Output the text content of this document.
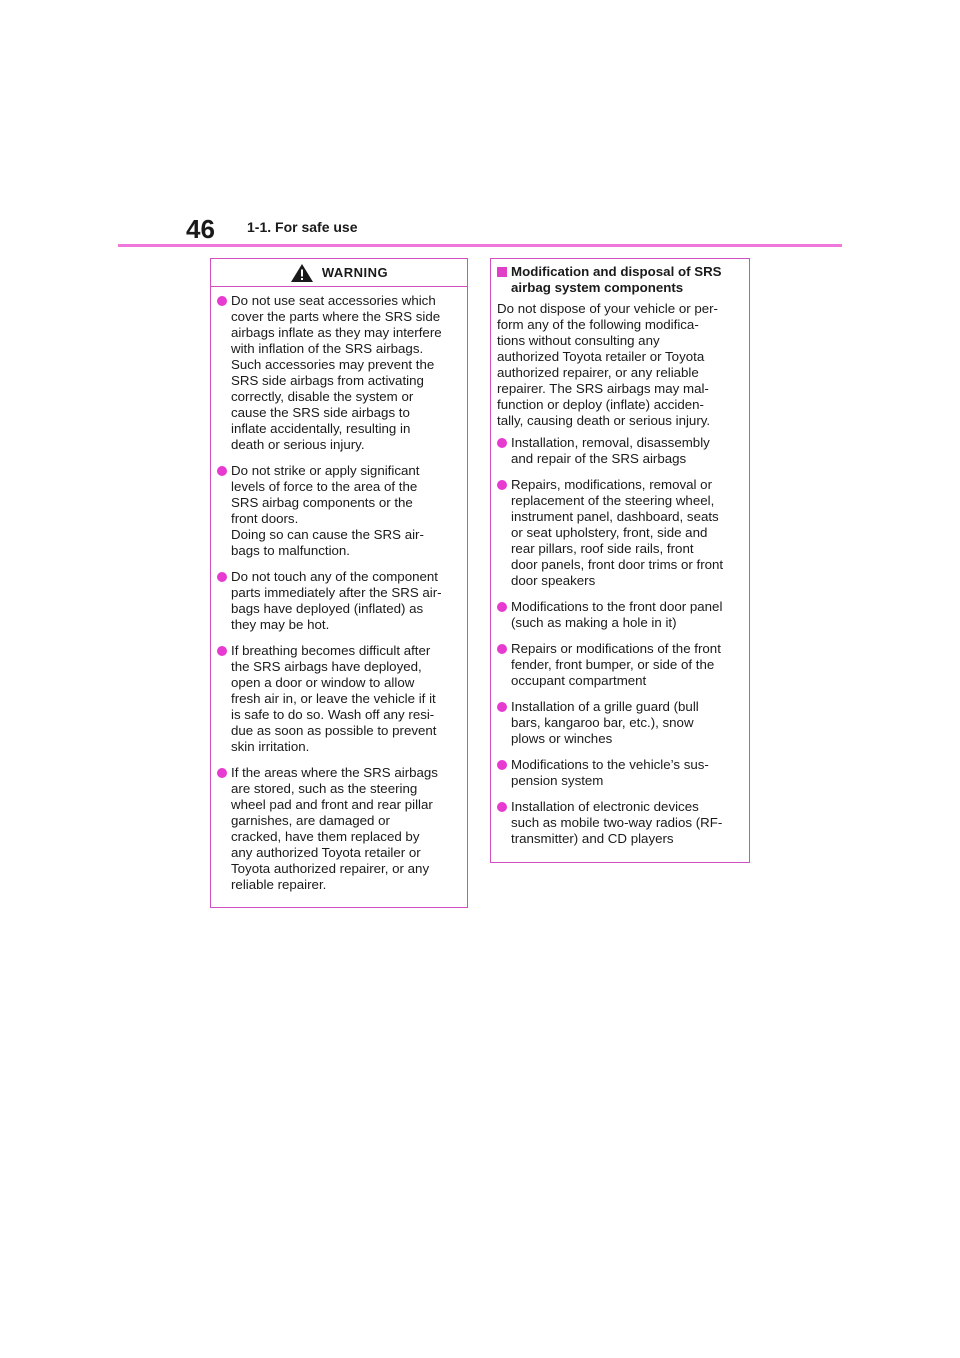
46 1-1. For safe use
WARNING
Do not use seat accessories which
cover the parts where the SRS side
airbags inflate as they may interfere
with inflation of the SRS airbags.
Such accessories may prevent the
SRS side airbags from activating
correctly, disable the system or
cause the SRS side airbags to
inflate accidentally, resulting in
death or serious injury.
Do not strike or apply significant
levels of force to the area of the
SRS airbag components or the
front doors.
Doing so can cause the SRS air-
bags to malfunction.
Do not touch any of the component
parts immediately after the SRS air-
bags have deployed (inflated) as
they may be hot.
If breathing becomes difficult after
the SRS airbags have deployed,
open a door or window to allow
fresh air in, or leave the vehicle if it
is safe to do so. Wash off any resi-
due as soon as possible to prevent
skin irritation.
If the areas where the SRS airbags
are stored, such as the steering
wheel pad and front and rear pillar
garnishes, are damaged or
cracked, have them replaced by
any authorized Toyota retailer or
Toyota authorized repairer, or any
reliable repairer.
Modification and disposal of SRS
airbag system components
Do not dispose of your vehicle or per-
form any of the following modifica-
tions without consulting any
authorized Toyota retailer or Toyota
authorized repairer, or any reliable
repairer. The SRS airbags may mal-
function or deploy (inflate) acciden-
tally, causing death or serious injury.
Installation, removal, disassembly
and repair of the SRS airbags
Repairs, modifications, removal or
replacement of the steering wheel,
instrument panel, dashboard, seats
or seat upholstery, front, side and
rear pillars, roof side rails, front
door panels, front door trims or front
door speakers
Modifications to the front door panel
(such as making a hole in it)
Repairs or modifications of the front
fender, front bumper, or side of the
occupant compartment
Installation of a grille guard (bull
bars, kangaroo bar, etc.), snow
plows or winches
Modifications to the vehicle’s sus-
pension system
Installation of electronic devices
such as mobile two-way radios (RF-
transmitter) and CD players
